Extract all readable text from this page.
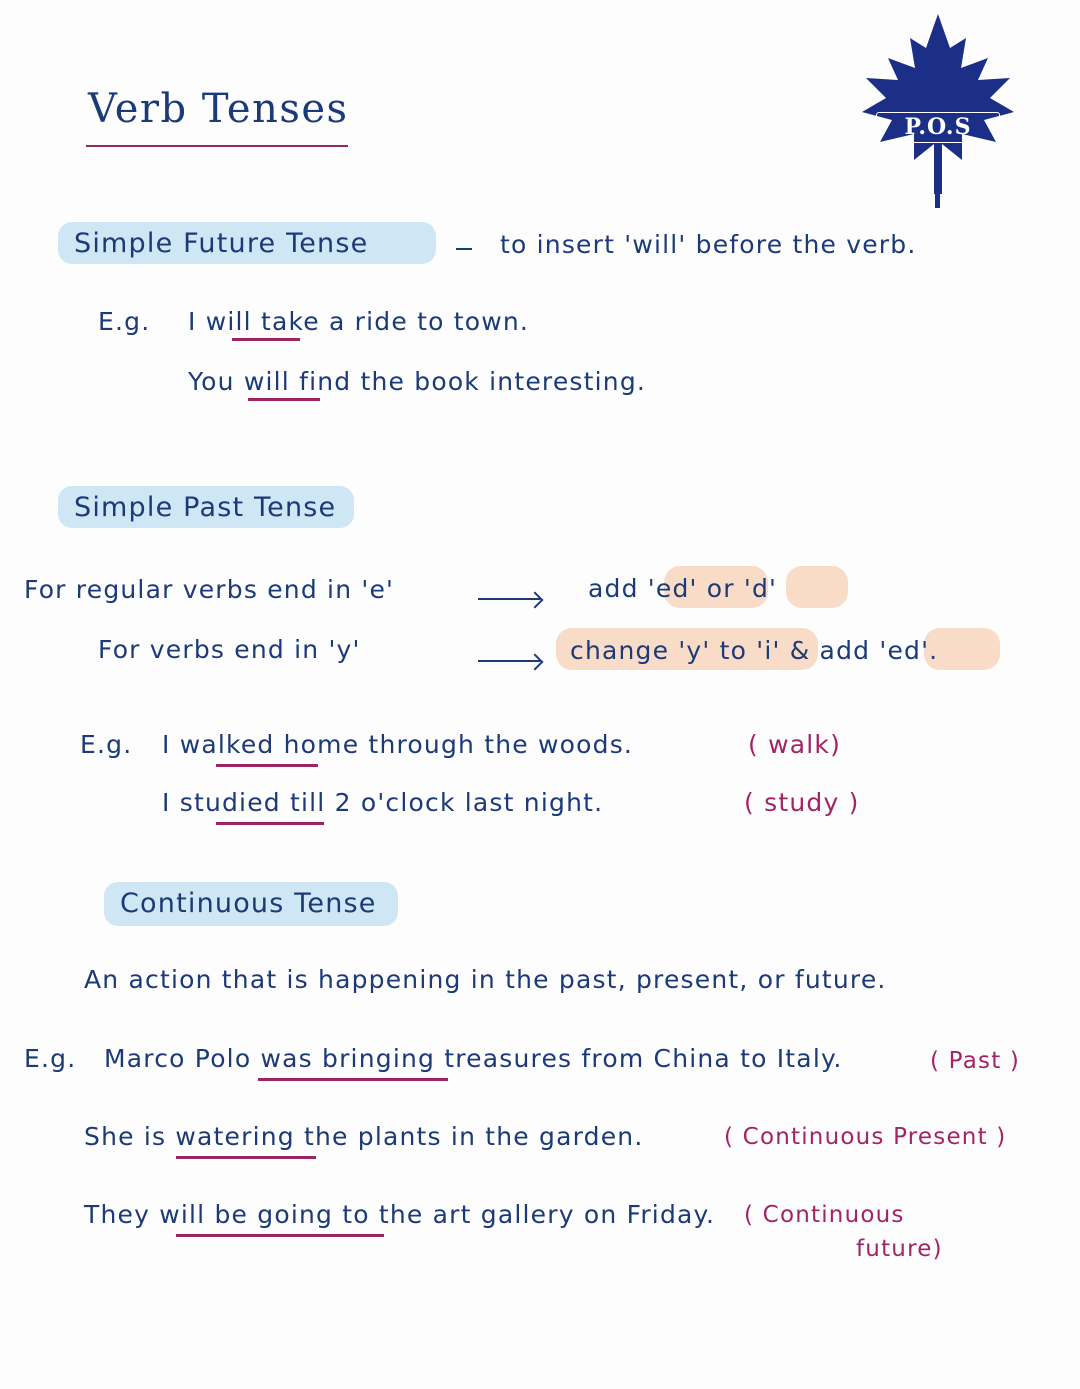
P.O.S
Verb Tenses
Simple Future Tense	to insert 'will' before the verb.
E.g. I will take a ride to town.
You will find the book interesting.
Simple Past Tense
For regular verbs end in 'e'	add 'ed' or 'd'
For verbs end in 'y'	change 'y' to 'i' & add 'ed'.
E.g. I walked home through the woods.	( walk)
I studied till 2 o'clock last night.	( study )
Continuous Tense
An action that is happening in the past, present, or future.
E.g. Marco Polo was bringing treasures from China to Italy.	( Past )
She is watering the plants in the garden.	( Continuous Present )
They will be going to the art gallery on Friday. ( Continuous
future)
